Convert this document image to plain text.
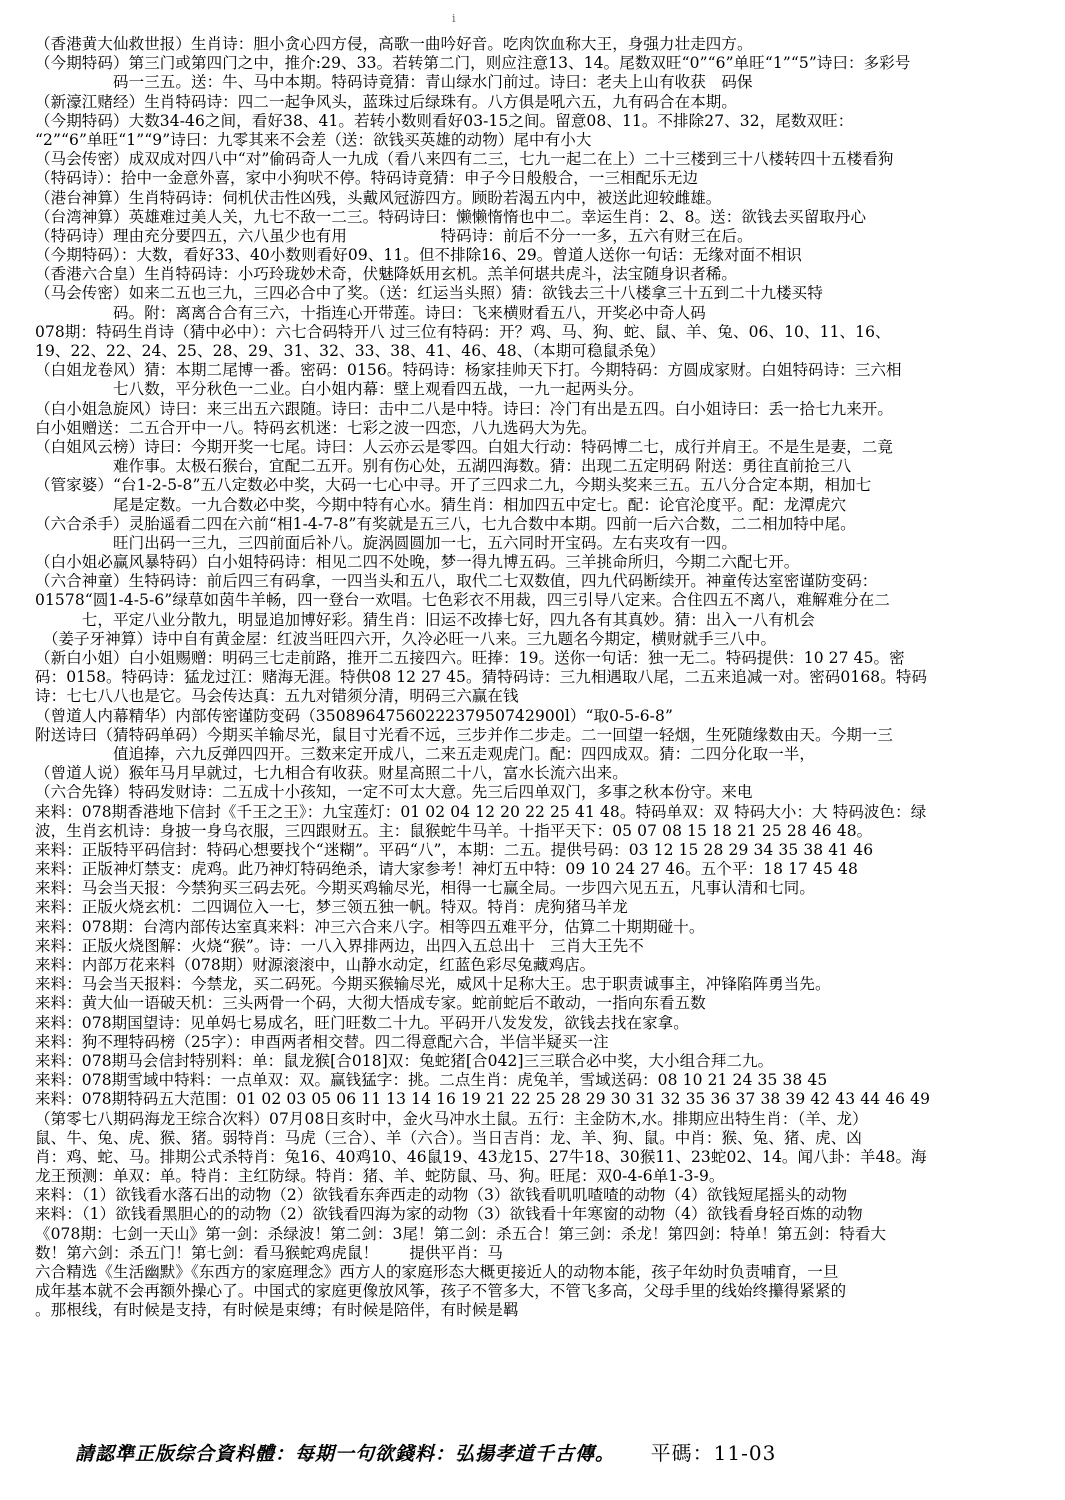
i
（香港黄大仙救世报）生肖诗：胆小贪心四方侵，高歌一曲吟好音。吃肉饮血称大王，身强力壮走四方。
（今期特码）第三门或第四门之中，推介:29、33。若转第二门，则应注意13、14。尾数双旺“0”“6”单旺“1”“5”诗曰：多彩号
　　　　　码一三五。送：牛、马中本期。特码诗竟猜：青山绿水门前过。诗曰：老夫上山有收获　码保
（新濠江赌经）生肖特码诗：四二一起争风头，蓝珠过后绿珠有。八方俱是吼六五，九有码合在本期。
（今期特码）大数34-46之间，看好38、41。若转小数则看好03-15之间。留意08、11。不排除27、32，尾数双旺：
“2”“6”单旺“1”“9”诗曰：九零其来不会差（送：欲钱买英雄的动物）尾中有小大
（马会传密）成双成对四八中“对”偷码奇人一九成（看八来四有二三，七九一起二在上）二十三楼到三十八楼转四十五楼看狗
（特码诗）：拾中一金意外喜，家中小狗吠不停。特码诗竟猜：申子今日般般合，一三相配乐无边
（港台神算）生肖特码诗：伺机伏击性凶残，头戴风冠游四方。顾盼若渴五内中，被送此迎较雌雄。
（台湾神算）英雄难过美人关，九七不敌一二三。特码诗曰：懒懒惰惰也中二。幸运生肖：2、8。送：欲钱去买留取丹心
（特码诗）理由充分要四五，六八虽少也有用　　　　　　特码诗：前后不分一一多，五六有财三在后。
（今期特码）：大数，看好33、40小数则看好09、11。但不排除16、29。曾道人送你一句话：无缘对面不相识
（香港六合皇）生肖特码诗：小巧玲珑妙术奇，伏魅降妖用玄机。羔羊何堪共虎斗，法宝随身识者稀。
（马会传密）如来二五也三九，三四必合中了奖。（送：红运当头照）猜：欲钱去三十八楼拿三十五到二十九楼买特
　　　　　码。附：离离合合有三六，十指连心开带莲。诗曰：飞来横财看五八，开奖必中奇人码
078期：特码生肖诗（猜中必中）：六七合码特开八 过三位有特码：开？鸡、马、狗、蛇、鼠、羊、兔、06、10、11、16、
19、22、22、24、25、28、29、31、32、33、38、41、46、48、（本期可稳鼠杀兔）
（白姐龙卷风）猜：本期二尾博一番。密码：0156。特码诗：杨家挂帅天下打。今期特码：方圆成家财。白姐特码诗：三六相
　　　　　七八数，平分秋色一二业。白小姐内幕：壁上观看四五战，一九一起两头分。
（白小姐急旋风）诗曰：来三出五六跟随。诗曰：击中二八是中特。诗曰：冷门有出是五四。白小姐诗曰：丢一拾七九来开。
白小姐赠送：二五合开中一八。特码玄机迷：七彩之波一四恋，八九选码大为先。
（白姐风云榜）诗曰：今期开奖一七尾。诗曰：人云亦云是零四。白姐大行动：特码博二七，成行并肩王。不是生是妻，二竟
　　　　　难作事。太极石猴台，宜配二五开。别有伤心处，五湖四海数。猜：出现二五定明码 附送：勇往直前抢三八
（管家婆）“台1-2-5-8”五八定数必中奖，大码一七心中寻。开了三四求二九，今期头奖来三五。五八分合定本期，相加七
　　　　　尾是定数。一九合数必中奖，今期中特有心水。猜生肖：相加四五中定七。配：论官沦度平。配：龙潭虎穴
（六合杀手）灵胎遥看二四在六前“相1-4-7-8”有奖就是五三八，七九合数中本期。四前一后六合数，二二相加特中尾。
　　　　　旺门出码一三九，三四前面后补八。旋涡圆圆加一七，五六同时开宝码。左右夹攻有一四。
（白小姐必赢风暴特码）白小姐特码诗：相见二四不处晚，梦一得九博五码。三羊挑命所归，今期二六配七开。
（六合神童）生特码诗：前后四三有码拿，一四当头和五八，取代二七双数值，四九代码断续开。神童传达室密谨防变码：
01578“圆1-4-5-6”绿草如茵牛羊畅，四一登台一欢唱。七色彩衣不用裁，四三引导八定来。合住四五不离八，难解难分在二
　　　七，平定八业分散九，明显追加博好彩。猜生肖：旧运不改捧七好，四九各有其真妙。猜：出入一八有机会
　（姜子牙神算）诗中自有黄金屋：红波当旺四六开，久冷必旺一八来。三九题名今期定，横财就手三八中。
（新白小姐）白小姐赐赠：明码三七走前路，推开二五接四六。旺捧：19。送你一句话：独一无二。特码提供：10 27 45。密
码：0158。特码诗：猛龙过江：赌海无涯。特供08 12 27 45。猜特码诗：三九相遇取八尾，二五来追减一对。密码0168。特码
诗：七七八八也是它。马会传达真：五九对错须分清，明码三六赢在钱
（曾道人内幕精华）内部传密谨防变码（3508964756022237950742900l）“取0-5-6-8”
附送诗曰（猜特码单码）今期买羊输尽光，鼠目寸光看不远，三步并作二步走。二一回望一轻烟，生死随缘数由天。今期一三
　　　　　值追捧，六九反弹四四开。三数来定开成八，二来五走观虎门。配：四四成双。猜：二四分化取一半，
（曾道人说）猴年马月早就过，七九相合有收获。财星高照二十八，富水长流六出来。
（六合先锋）特码发财诗：二五成十小孩知，一定不可太大意。先三后四单双门，多事之秋本份守。来电
来料：078期香港地下信封《千王之王》：九宝莲灯：01 02 04 12 20 22 25 41 48。特码单双：双 特码大小：大 特码波色：绿
波，生肖玄机诗：身披一身乌衣服，三四跟财五。主：鼠猴蛇牛马羊。十指平天下：05 07 08 15 18 21 25 28 46 48。
来料：正版特平码信封：特码心想要找个“迷糊”。平码“八”，本期：二五。提供号码：03 12 15 28 29 34 35 38 41 46
来料：正版神灯禁支：虎鸡。此乃神灯特码绝杀，请大家参考！神灯五中特：09 10 24 27 46。五个平：18 17 45 48
来料：马会当天报：今禁狗买三码去死。今期买鸡输尽光，相得一七赢全局。一步四六见五五，凡事认清和七同。
来料：正版火烧玄机：二四调位入一七，梦三领五独一帆。特双。特肖：虎狗猪马羊龙
来料：078期：台湾内部传达室真来料：冲三六合来八字。相等四五难平分，估算二十期期碰十。
来料：正版火烧图解：火烧“猴”。诗：一八入界排两边，出四入五总出十　三肖大王先不
来料：内部万花来料（078期）财源滚滚中，山静水动定，红蓝色彩尽兔藏鸡店。
来料：马会当天报料：今禁龙，买二码死。今期买猴输尽光，威风十足称大王。忠于职责诚事主，冲锋陷阵勇当先。
来料：黄大仙一语破天机：三头两骨一个码，大彻大悟成专家。蛇前蛇后不敢动，一指向东看五数
来料：078期国望诗：见单妈七易成名，旺门旺数二十九。平码开八发发发，欲钱去找在家拿。
来料：狗不理特码榜（25字）：申酉两者相交替。四二得意配六合，半信半疑买一注
来料：078期马会信封特别料：单：鼠龙猴[合018]双：兔蛇猪[合042]三三联合必中奖，大小组合拜二九。
来料：078期雪域中特料：一点单双：双。赢钱猛字：挑。二点生肖：虎兔羊，雪域送码：08 10 21 24 35 38 45
来料：078期特码五大范围：01 02 03 05 06 11 13 14 16 19 21 22 25 28 29 30 31 32 35 36 37 38 39 42 43 44 46 49
（第零七八期码海龙王综合次料）07月08日亥时中，金火马冲水土鼠。五行：主金防木,水。排期应出特生肖：（羊、龙）
鼠、牛、兔、虎、猴、猪。弱特肖：马虎（三合）、羊（六合）。当日吉肖：龙、羊、狗、鼠。中肖：猴、兔、猪、虎、凶
肖：鸡、蛇、马。排期公式杀特肖：兔16、40鸡10、46鼠19、43龙15、27牛18、30猴11、23蛇02、14。闻八卦：羊48。海
龙王预测：单双：单。特肖：主红防绿。特肖：猪、羊、蛇防鼠、马、狗。旺尾：双0-4-6单1-3-9。
来料：（1）欲钱看水落石出的动物（2）欲钱看东奔西走的动物（3）欲钱看叽叽喳喳的动物（4）欲钱短尾摇头的动物
来料：（1）欲钱看黑胆心的的动物（2）欲钱看四海为家的动物（3）欲钱看十年寒窗的动物（4）欲钱看身轻百炼的动物
《078期：七剑一天山》第一剑：杀绿波！第二剑：3尾！第二剑：杀五合！第三剑：杀龙！第四剑：特单！第五剑：特看大
数！第六剑：杀五门！第七剑：看马猴蛇鸡虎鼠！　　提供平肖：马
六合精选《生活幽默》《东西方的家庭理念》西方人的家庭形态大概更接近人的动物本能，孩子年幼时负责哺育，一旦
成年基本就不会再额外操心了。中国式的家庭更像放风筝，孩子不管多大，不管飞多高，父母手里的线始终攥得紧紧的
。那根线，有时候是支持，有时候是束缚；有时候是陪伴，有时候是羁
請認準正版综合資料體：每期一句欲錢料：弘揚孝道千古傳。 平碼：11-03
